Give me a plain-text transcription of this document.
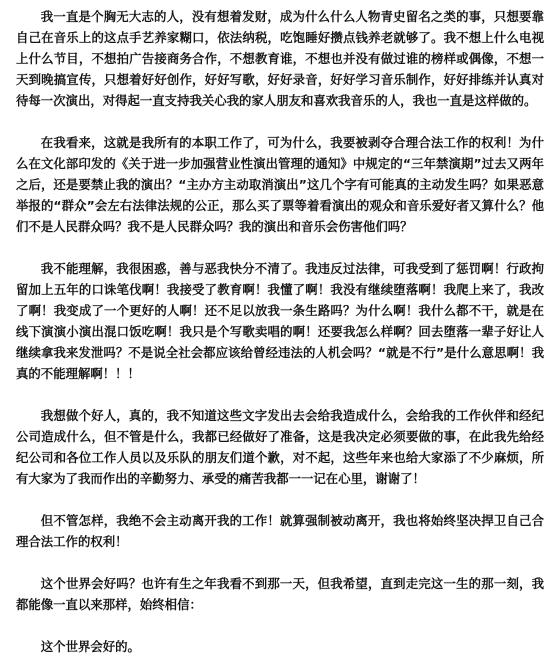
我一直是个胸无大志的人，没有想着发财，成为什么什么人物青史留名之类的事，只想要靠自己在音乐上的这点手艺养家糊口，依法纳税，吃饱睡好攒点钱养老就够了。我不想上什么电视上什么节目，不想拍广告接商务合作，不想教育谁，不想也并没有做过谁的榜样或偶像，不想一天到晚搞宣传，只想着好好创作，好好写歌，好好录音，好好学习音乐制作，好好排练并认真对待每一次演出，对得起一直支持我关心我的家人朋友和喜欢我音乐的人，我也一直是这样做的。

在我看来，这就是我所有的本职工作了，可为什么，我要被剥夺合理合法工作的权利！为什么在文化部印发的《关于进一步加强营业性演出管理的通知》中规定的“三年禁演期”过去又两年之后，还是要禁止我的演出？“主办方主动取消演出”这几个字有可能真的主动发生吗？如果恶意举报的“群众”会左右法律法规的公正，那么买了票等着看演出的观众和音乐爱好者又算什么？他们不是人民群众吗？我不是人民群众吗？我的演出和音乐会伤害他们吗？

我不能理解，我很困惑，善与恶我快分不清了。我违反过法律，可我受到了惩罚啊！行政拘留加上五年的口诛笔伐啊！我接受了教育啊！我懂了啊！我没有继续堕落啊！我爬上来了，我改了啊！我变成了一个更好的人啊！还不足以放我一条生路吗？为什么啊！我什么都不干，就是在线下演演小演出混口饭吃啊！我只是个写歌卖唱的啊！还要我怎么样啊？回去堕落一辈子好让人继续拿我来发泄吗？不是说全社会都应该给曾经违法的人机会吗？“就是不行”是什么意思啊！我真的不能理解啊！！！

我想做个好人，真的，我不知道这些文字发出去会给我造成什么，会给我的工作伙伴和经纪公司造成什么，但不管是什么，我都已经做好了准备，这是我决定必须要做的事，在此我先给经纪公司和各位工作人员以及乐队的朋友们道个歉，对不起，这些年来也给大家添了不少麻烦，所有大家为了我而作出的辛勤努力、承受的痛苦我都一一记在心里，谢谢了！

但不管怎样，我绝不会主动离开我的工作！就算强制被动离开，我也将始终坚决捍卫自己合理合法工作的权利！

这个世界会好吗？也许有生之年我看不到那一天，但我希望，直到走完这一生的那一刻，我都能像一直以来那样，始终相信：

这个世界会好的。
